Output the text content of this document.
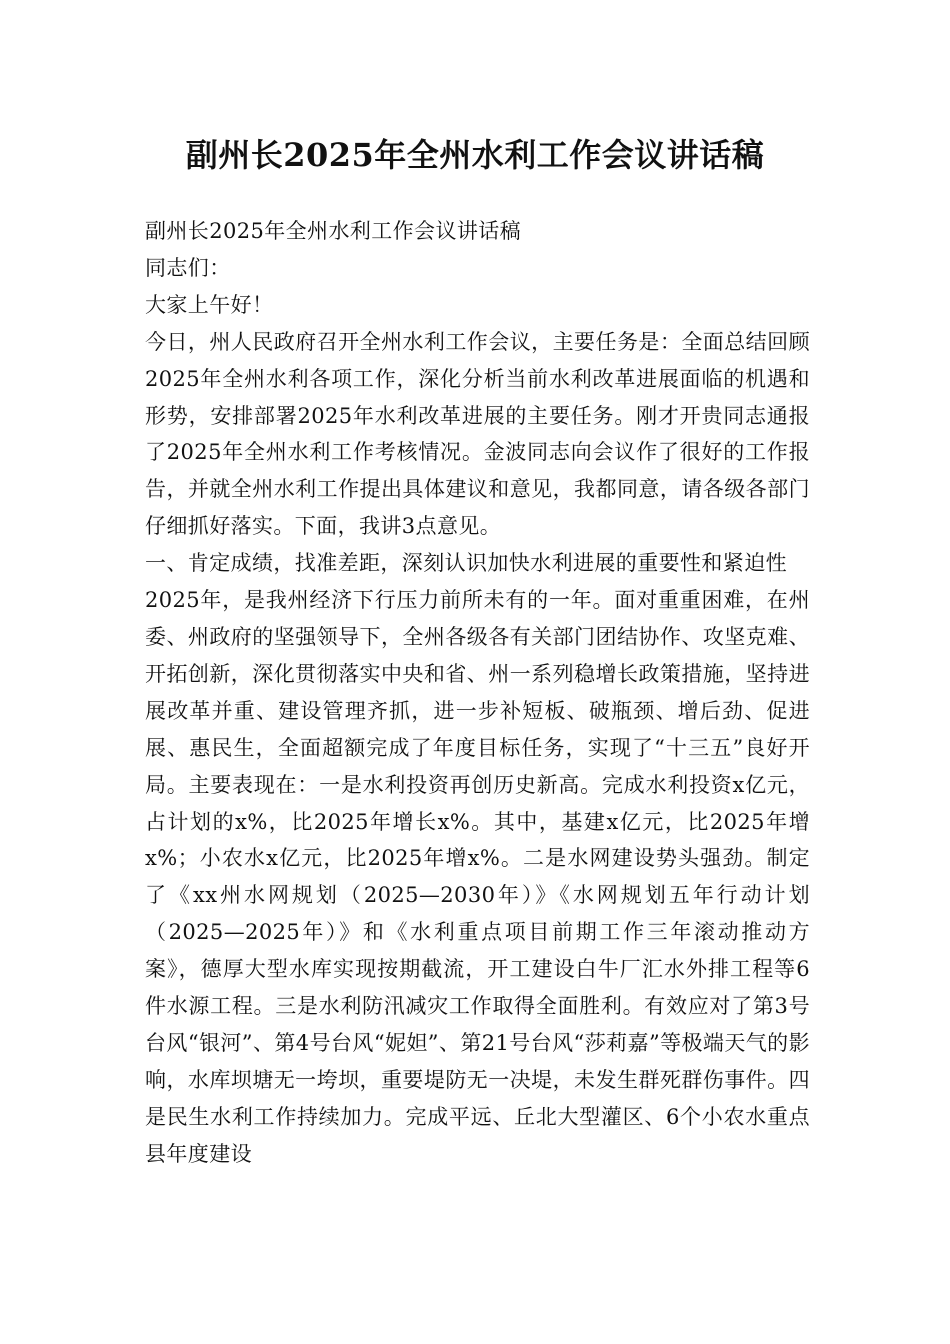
副州长2025年全州水利工作会议讲话稿

副州长2025年全州水利工作会议讲话稿

同志们：

大家上午好！

今日，州人民政府召开全州水利工作会议，主要任务是：全面总结回顾2025年全州水利各项工作，深化分析当前水利改革进展面临的机遇和形势，安排部署2025年水利改革进展的主要任务。刚才开贵同志通报了2025年全州水利工作考核情况。金波同志向会议作了很好的工作报告，并就全州水利工作提出具体建议和意见，我都同意，请各级各部门仔细抓好落实。下面，我讲3点意见。

一、肯定成绩，找准差距，深刻认识加快水利进展的重要性和紧迫性

2025年，是我州经济下行压力前所未有的一年。面对重重困难，在州委、州政府的坚强领导下，全州各级各有关部门团结协作、攻坚克难、开拓创新，深化贯彻落实中央和省、州一系列稳增长政策措施，坚持进展改革并重、建设管理齐抓，进一步补短板、破瓶颈、增后劲、促进展、惠民生，全面超额完成了年度目标任务，实现了“十三五”良好开局。主要表现在：一是水利投资再创历史新高。完成水利投资x亿元，占计划的x%，比2025年增长x%。其中，基建x亿元，比2025年增x%；小农水x亿元，比2025年增x%。二是水网建设势头强劲。制定了《xx州水网规划（2025—2030年）》《水网规划五年行动计划（2025—2025年）》和《水利重点项目前期工作三年滚动推动方案》，德厚大型水库实现按期截流，开工建设白牛厂汇水外排工程等6件水源工程。三是水利防汛减灾工作取得全面胜利。有效应对了第3号台风“银河”、第4号台风“妮妲”、第21号台风“莎莉嘉”等极端天气的影响，水库坝塘无一垮坝，重要堤防无一决堤，未发生群死群伤事件。四是民生水利工作持续加力。完成平远、丘北大型灌区、6个小农水重点县年度建设
